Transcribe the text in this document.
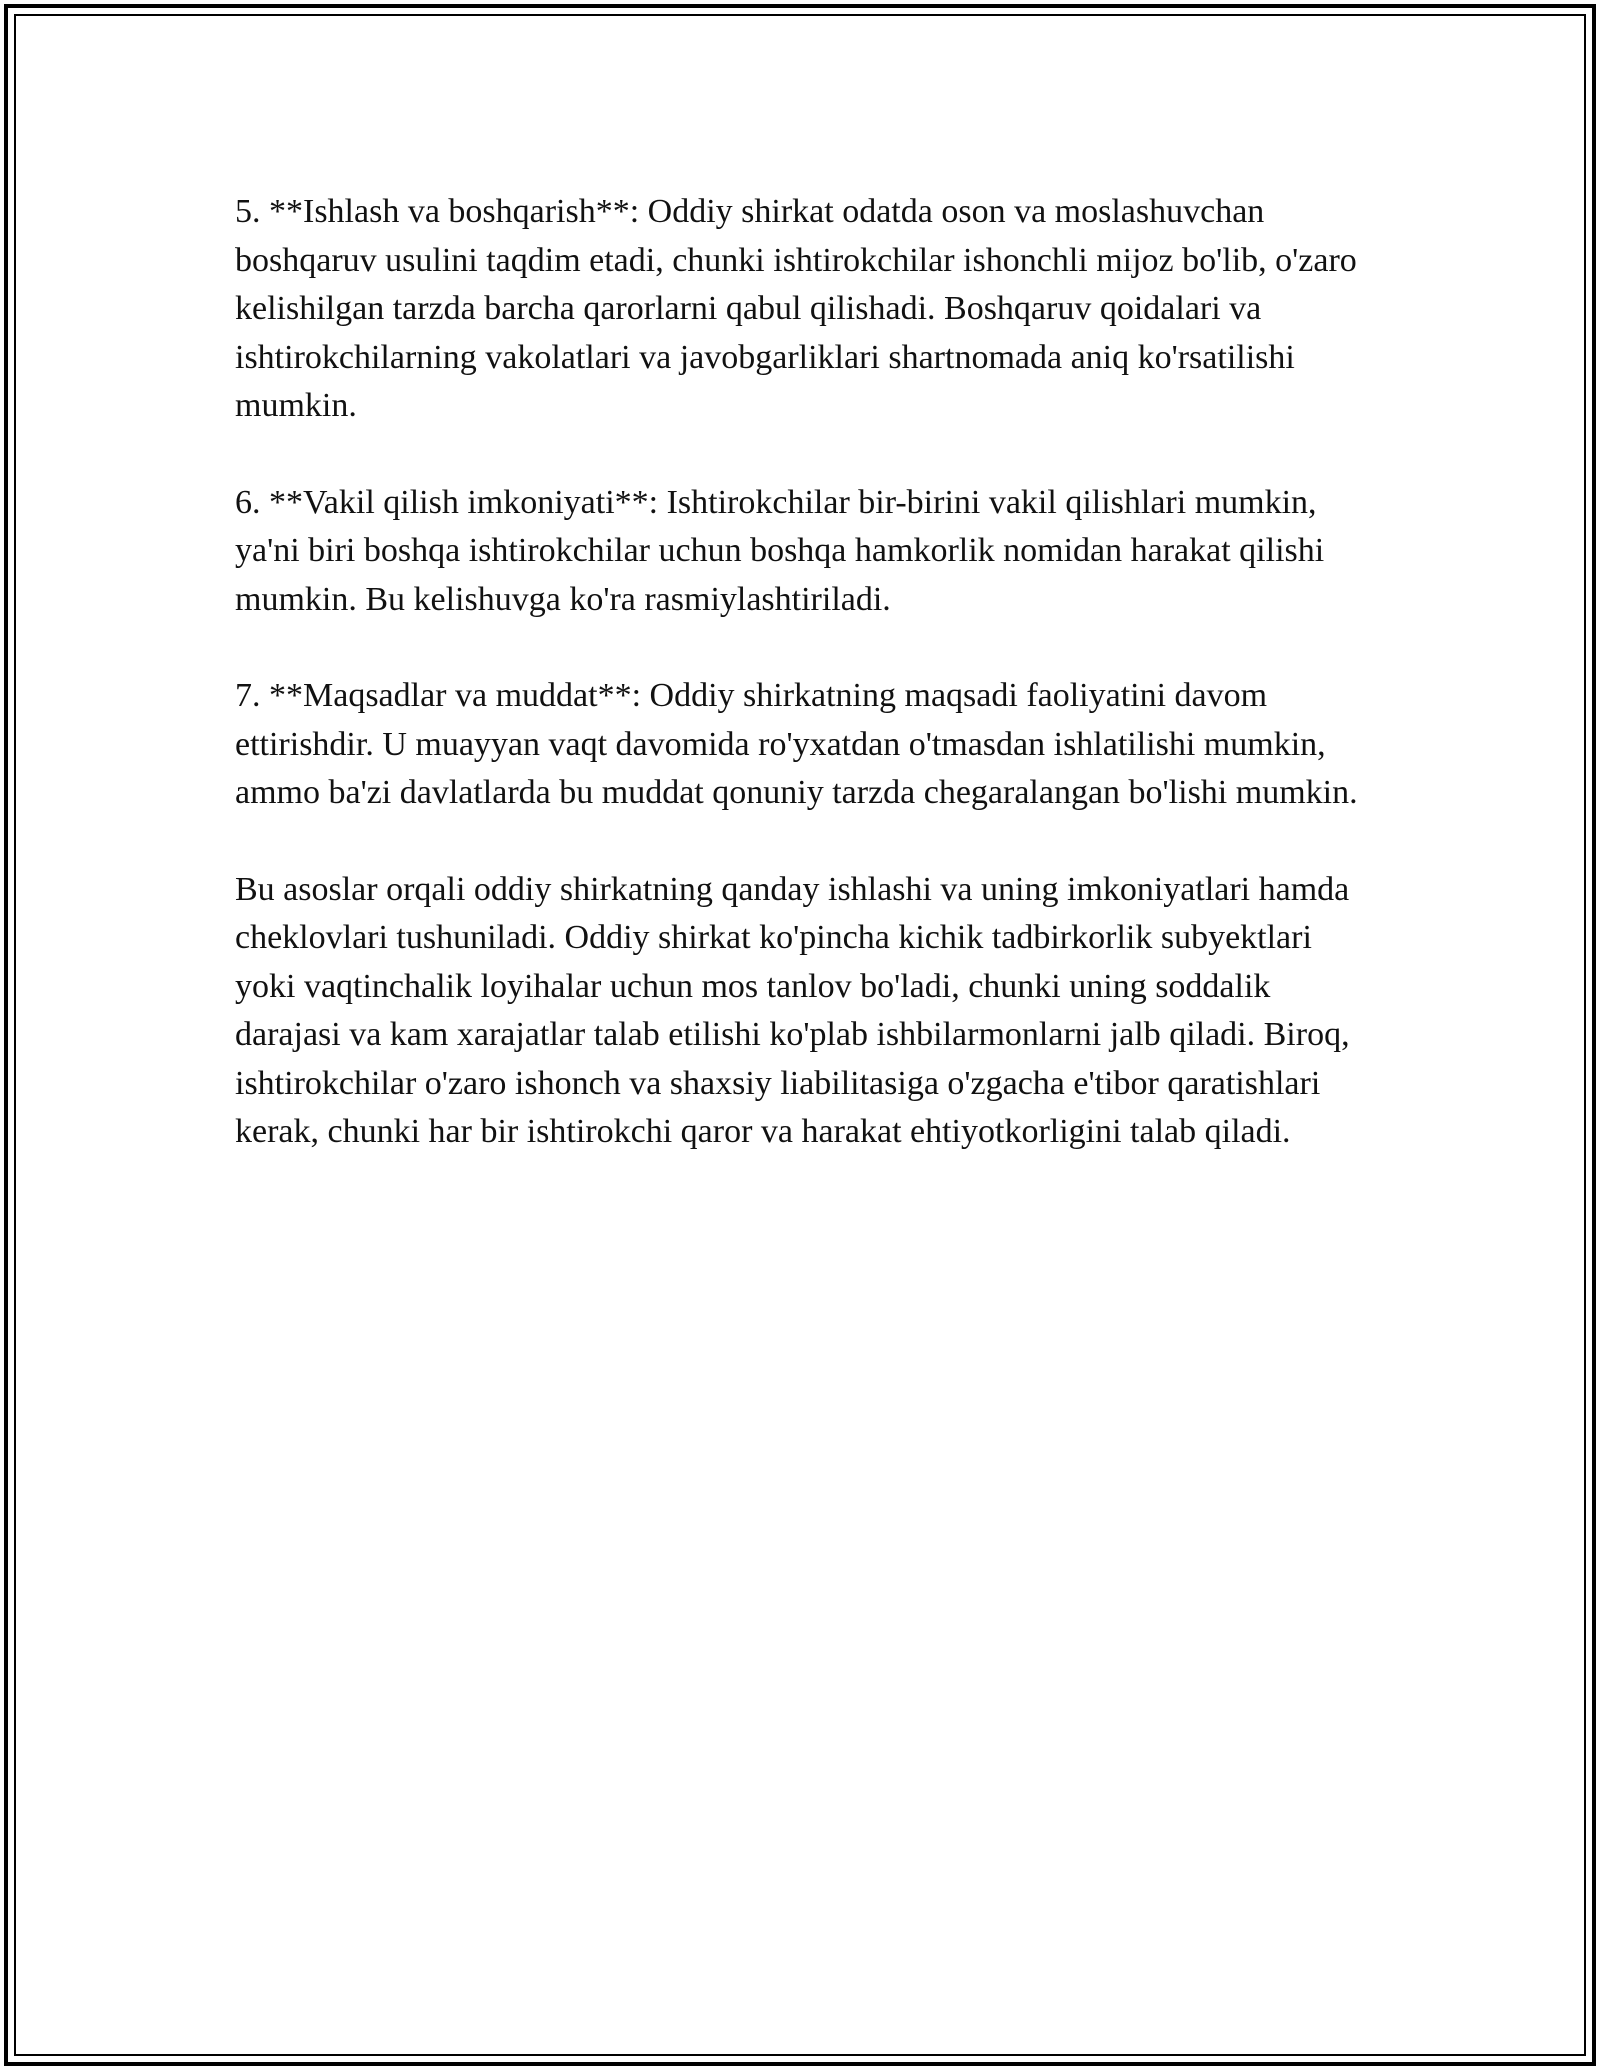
5. **Ishlash va boshqarish**: Oddiy shirkat odatda oson va moslashuvchan boshqaruv usulini taqdim etadi, chunki ishtirokchilar ishonchli mijoz bo'lib, o'zaro kelishilgan tarzda barcha qarorlarni qabul qilishadi. Boshqaruv qoidalari va ishtirokchilarning vakolatlari va javobgarliklari shartnomada aniq ko'rsatilishi mumkin.

6. **Vakil qilish imkoniyati**: Ishtirokchilar bir-birini vakil qilishlari mumkin, ya'ni biri boshqa ishtirokchilar uchun boshqa hamkorlik nomidan harakat qilishi mumkin. Bu kelishuvga ko'ra rasmiylashtiriladi.

7. **Maqsadlar va muddat**: Oddiy shirkatning maqsadi faoliyatini davom ettirishdir. U muayyan vaqt davomida ro'yxatdan o'tmasdan ishlatilishi mumkin, ammo ba'zi davlatlarda bu muddat qonuniy tarzda chegaralangan bo'lishi mumkin.

Bu asoslar orqali oddiy shirkatning qanday ishlashi va uning imkoniyatlari hamda cheklovlari tushuniladi. Oddiy shirkat ko'pincha kichik tadbirkorlik subyektlari yoki vaqtinchalik loyihalar uchun mos tanlov bo'ladi, chunki uning soddalik darajasi va kam xarajatlar talab etilishi ko'plab ishbilarmonlarni jalb qiladi. Biroq, ishtirokchilar o'zaro ishonch va shaxsiy liabilitasiga o'zgacha e'tibor qaratishlari kerak, chunki har bir ishtirokchi qaror va harakat ehtiyotkorligini talab qiladi.
